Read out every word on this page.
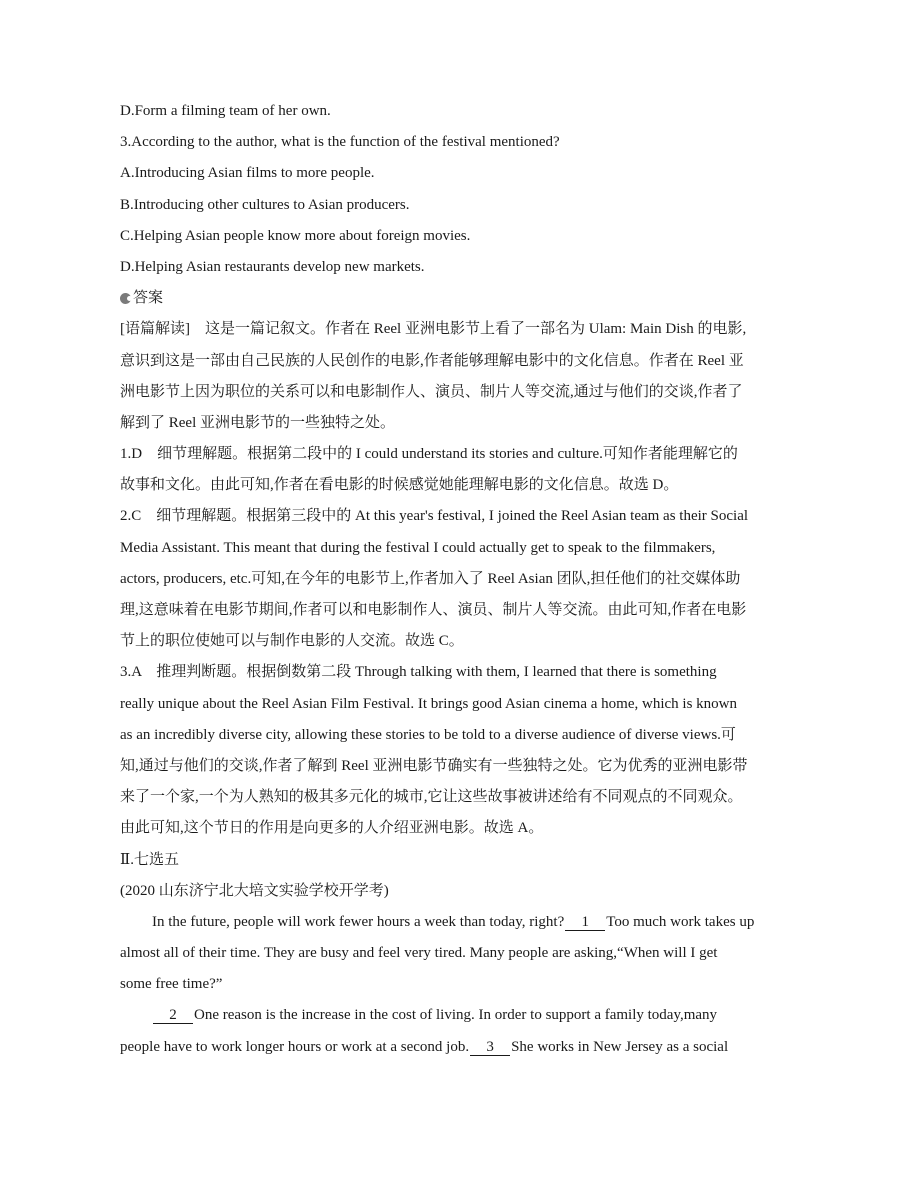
D.Form a filming team of her own.
3.According to the author, what is the function of the festival mentioned?
A.Introducing Asian films to more people.
B.Introducing other cultures to Asian producers.
C.Helping Asian people know more about foreign movies.
D.Helping Asian restaurants develop new markets.
答案
[语篇解读]　这是一篇记叙文。作者在 Reel 亚洲电影节上看了一部名为 Ulam: Main Dish 的电影,
意识到这是一部由自己民族的人民创作的电影,作者能够理解电影中的文化信息。作者在 Reel 亚
洲电影节上因为职位的关系可以和电影制作人、演员、制片人等交流,通过与他们的交谈,作者了
解到了 Reel 亚洲电影节的一些独特之处。
1.D　细节理解题。根据第二段中的 I could understand its stories and culture.可知作者能理解它的
故事和文化。由此可知,作者在看电影的时候感觉她能理解电影的文化信息。故选 D。
2.C　细节理解题。根据第三段中的 At this year's festival, I joined the Reel Asian team as their Social
Media Assistant. This meant that during the festival I could actually get to speak to the filmmakers,
actors, producers, etc.可知,在今年的电影节上,作者加入了 Reel Asian 团队,担任他们的社交媒体助
理,这意味着在电影节期间,作者可以和电影制作人、演员、制片人等交流。由此可知,作者在电影
节上的职位使她可以与制作电影的人交流。故选 C。
3.A　推理判断题。根据倒数第二段 Through talking with them, I learned that there is something
really unique about the Reel Asian Film Festival. It brings good Asian cinema a home, which is known
as an incredibly diverse city, allowing these stories to be told to a diverse audience of diverse views.可
知,通过与他们的交谈,作者了解到 Reel 亚洲电影节确实有一些独特之处。它为优秀的亚洲电影带
来了一个家,一个为人熟知的极其多元化的城市,它让这些故事被讲述给有不同观点的不同观众。
由此可知,这个节日的作用是向更多的人介绍亚洲电影。故选 A。
Ⅱ.七选五
(2020 山东济宁北大培文实验学校开学考)
In the future, people will work fewer hours a week than today, right? 1 Too much work takes up
almost all of their time. They are busy and feel very tired. Many people are asking,“When will I get
some free time?”
2 One reason is the increase in the cost of living. In order to support a family today,many
people have to work longer hours or work at a second job. 3 She works in New Jersey as a social
